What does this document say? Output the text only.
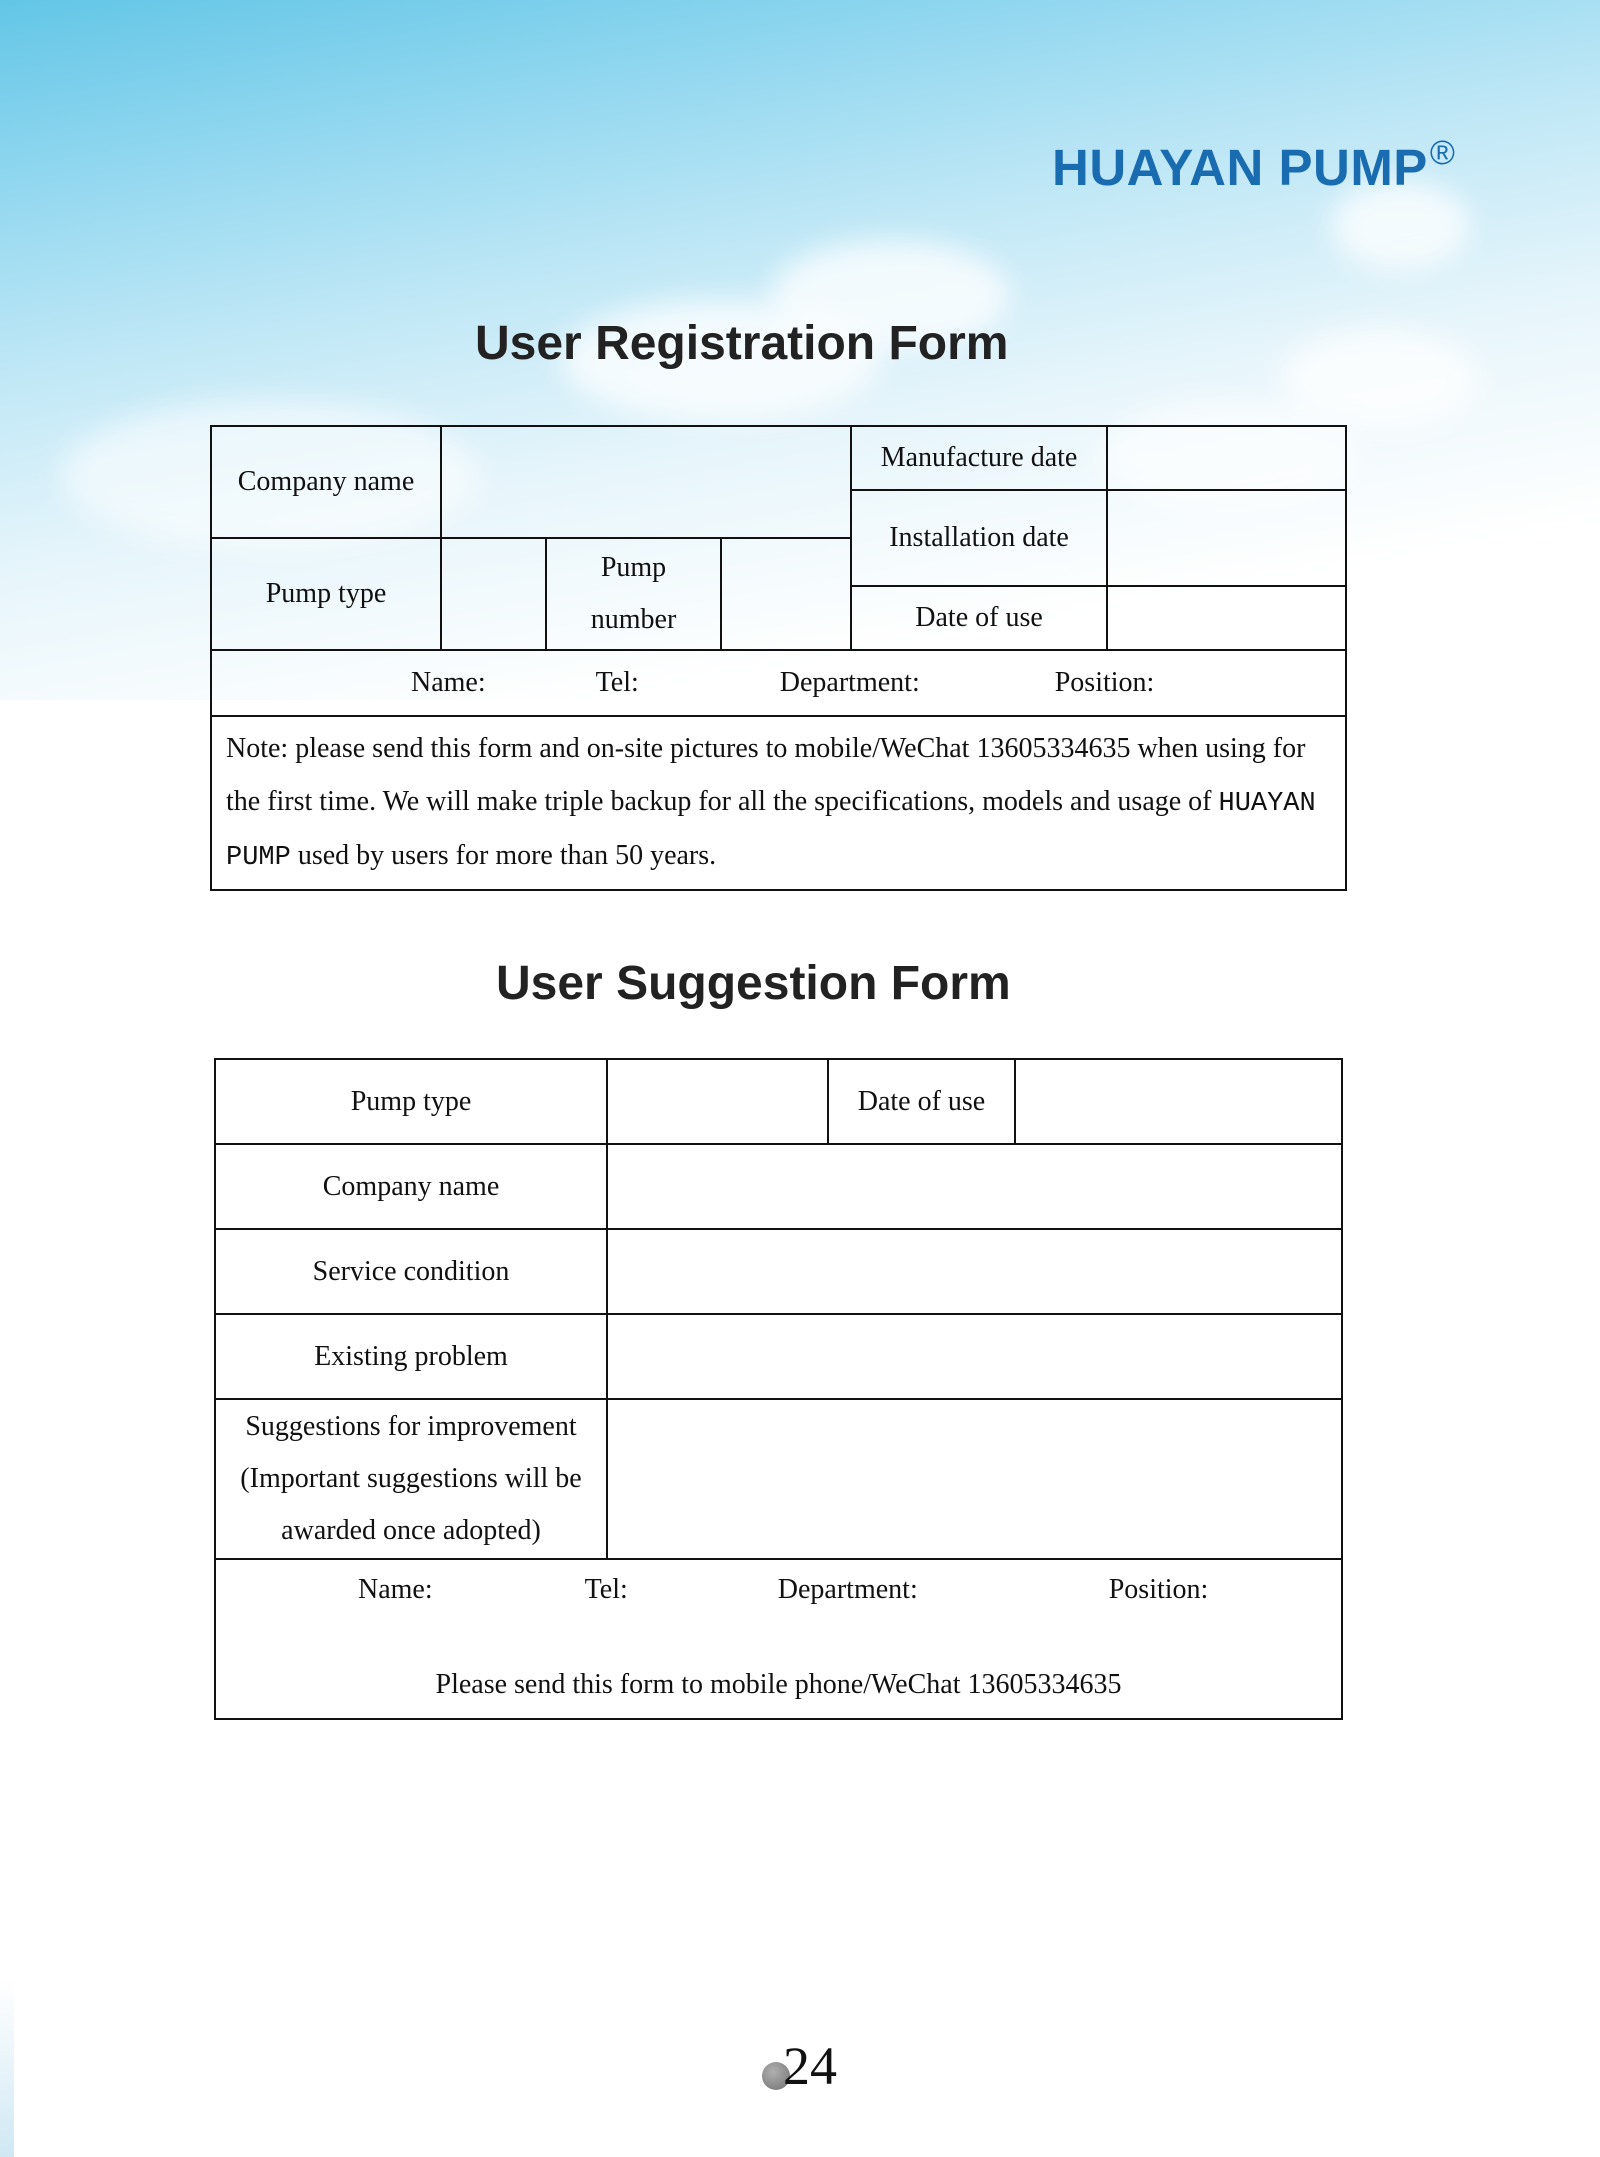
HUAYAN PUMP®
User Registration Form
Company name				Manufacture date	
				Installation date	
Pump type		Pump
number			

				Date of use	

Name: Tel: Department: Position:					

Note: please send this form and on-site pictures to mobile/WeChat 13605334635 when using for the first time. We will make triple backup for all the specifications, models and usage of HUAYAN PUMP used by users for more than 50 years.					
User Suggestion Form
Pump type		Date of use	
Company name			
Service condition			
Existing problem			

Suggestions for improvement
(Important suggestions will be
awarded once adopted)			

Name: Tel: Department: Position:
Please send this form to mobile phone/WeChat 13605334635			
24
